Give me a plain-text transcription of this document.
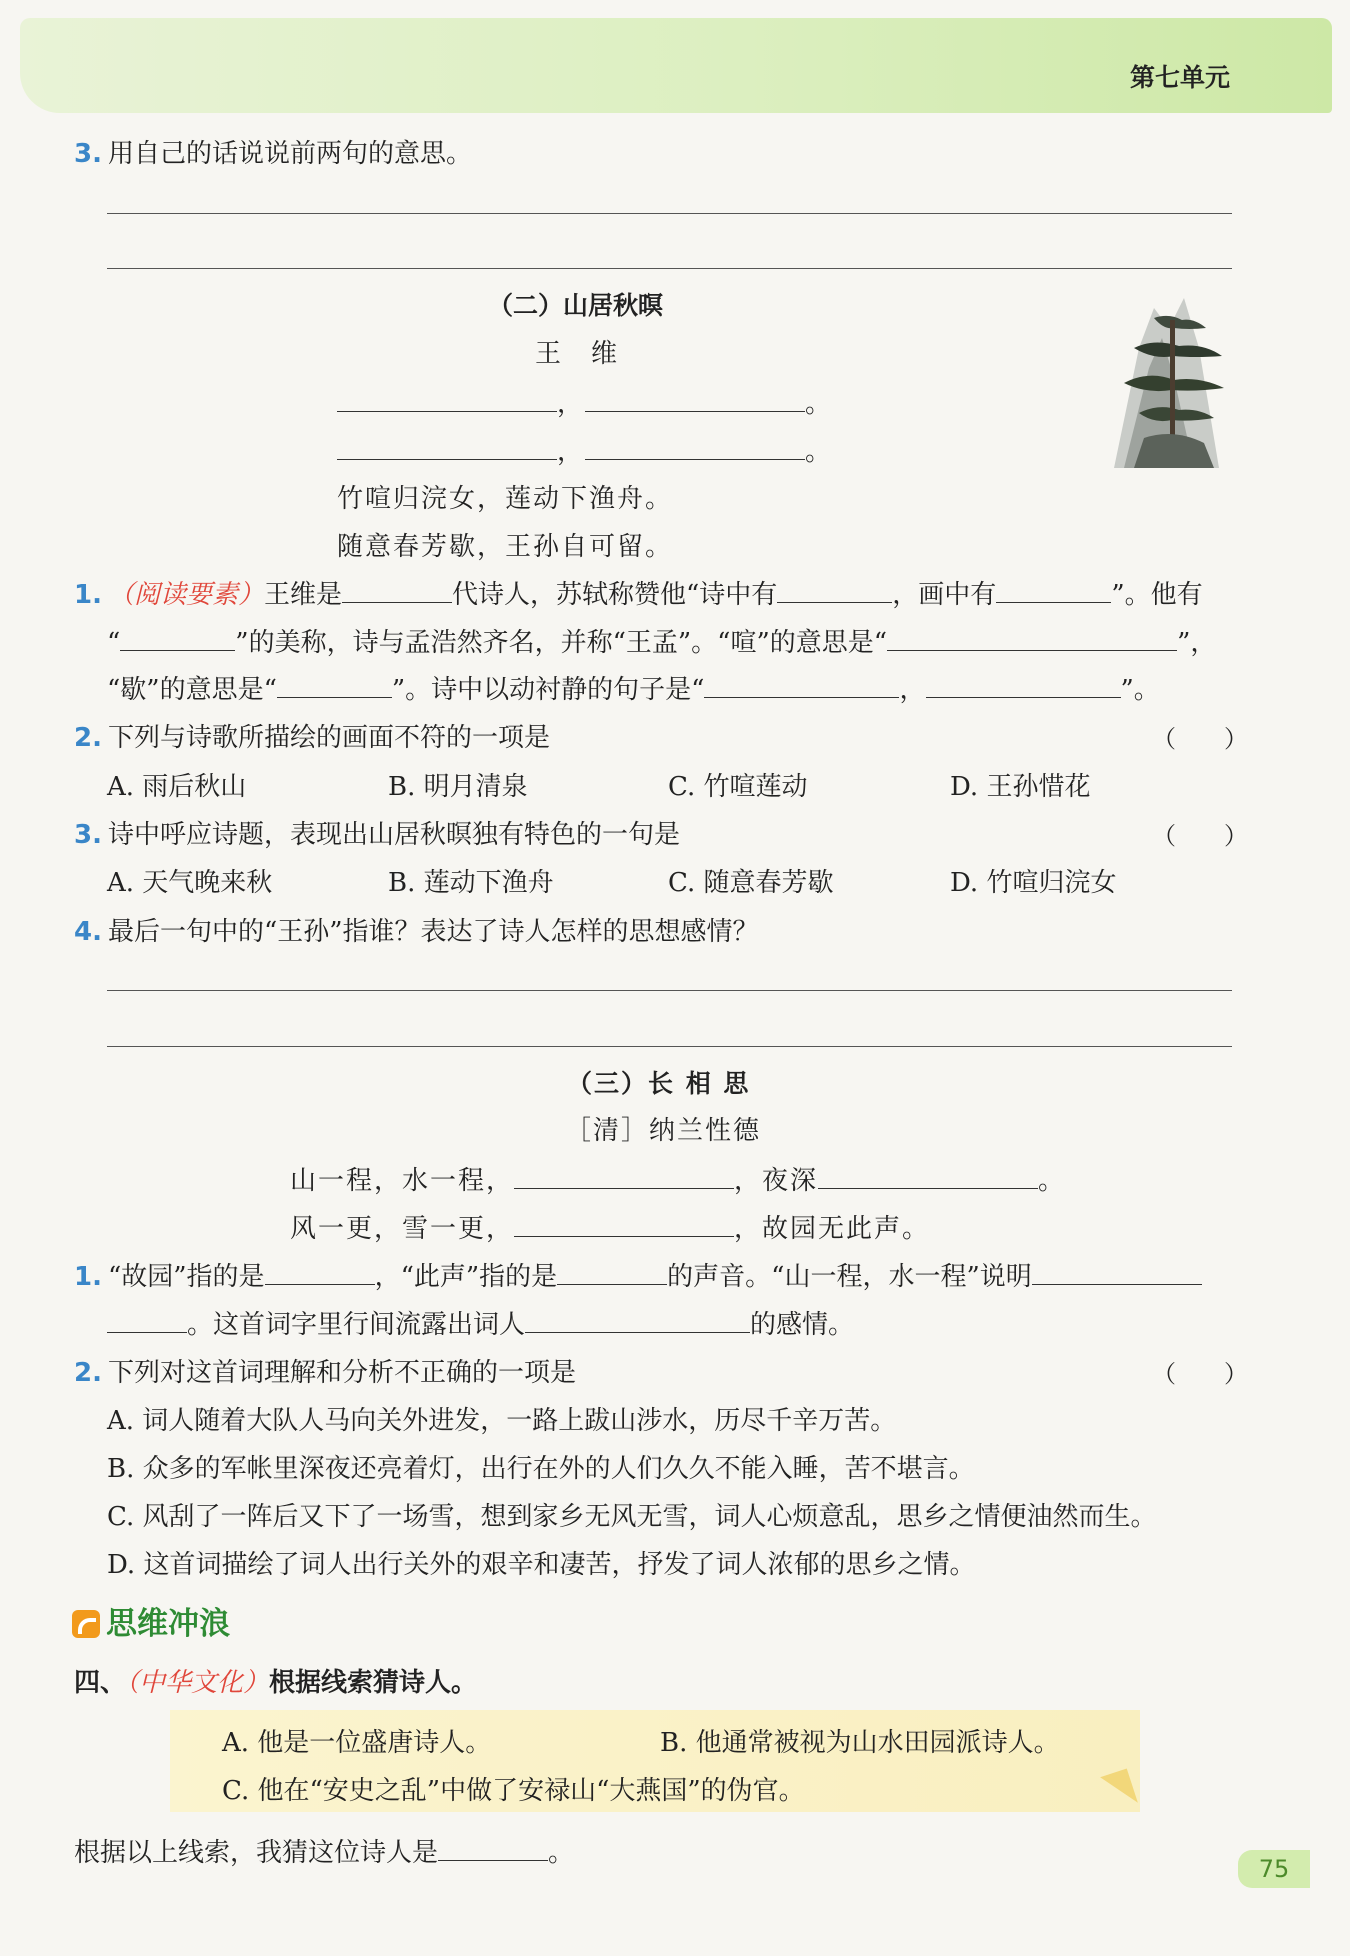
第七单元
3. 用自己的话说说前两句的意思。
（二）山居秋暝
王　维
，	。
，	。
竹喧归浣女，莲动下渔舟。
随意春芳歇，王孙自可留。
1. （阅读要素）王维是	代诗人，苏轼称赞他“诗中有	，画中有	”。他有
“	”的美称，诗与孟浩然齐名，并称“王孟”。“喧”的意思是“	”，
“歇”的意思是“	”。诗中以动衬静的句子是“	，	”。
2. 下列与诗歌所描绘的画面不符的一项是	（　　）
A. 雨后秋山	B. 明月清泉	C. 竹喧莲动	D. 王孙惜花
3. 诗中呼应诗题，表现出山居秋暝独有特色的一句是	（　　）
A. 天气晚来秋	B. 莲动下渔舟	C. 随意春芳歇	D. 竹喧归浣女
4. 最后一句中的“王孙”指谁？表达了诗人怎样的思想感情？
（三）长 相 思
［清］纳兰性德
山一程，水一程，	，夜深	。
风一更，雪一更，	，故园无此声。
1. “故园”指的是	，“此声”指的是	的声音。“山一程，水一程”说明
。这首词字里行间流露出词人	的感情。
2. 下列对这首词理解和分析不正确的一项是	（　　）
A. 词人随着大队人马向关外进发，一路上跋山涉水，历尽千辛万苦。
B. 众多的军帐里深夜还亮着灯，出行在外的人们久久不能入睡，苦不堪言。
C. 风刮了一阵后又下了一场雪，想到家乡无风无雪，词人心烦意乱，思乡之情便油然而生。
D. 这首词描绘了词人出行关外的艰辛和凄苦，抒发了词人浓郁的思乡之情。
思维冲浪
四、（中华文化）根据线索猜诗人。
A. 他是一位盛唐诗人。	B. 他通常被视为山水田园派诗人。
C. 他在“安史之乱”中做了安禄山“大燕国”的伪官。
根据以上线索，我猜这位诗人是	。
75
